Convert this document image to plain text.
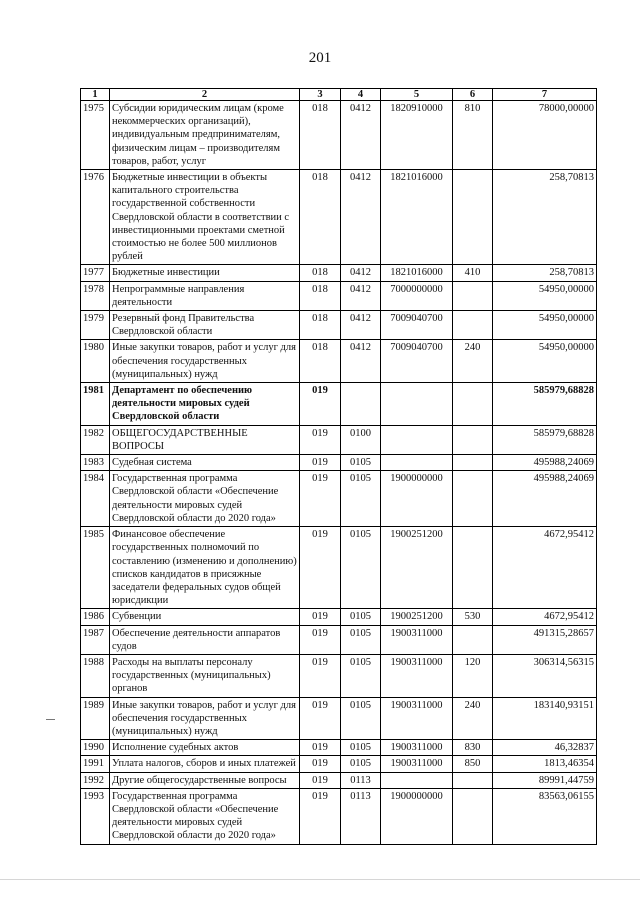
201
1	2	3	4	5	6	7
1975	Субсидии юридическим лицам (кроме некоммерческих организаций), индивидуальным предпринимателям, физическим лицам – производителям товаров, работ, услуг	018	0412	1820910000	810	78000,00000
1976	Бюджетные инвестиции в объекты капитального строительства государственной собственности Свердловской области в соответствии с инвестиционными проектами сметной стоимостью не более 500 миллионов рублей	018	0412	1821016000		258,70813
1977	Бюджетные инвестиции	018	0412	1821016000	410	258,70813
1978	Непрограммные направления деятельности	018	0412	7000000000		54950,00000
1979	Резервный фонд Правительства Свердловской области	018	0412	7009040700		54950,00000
1980	Иные закупки товаров, работ и услуг для обеспечения государственных (муниципальных) нужд	018	0412	7009040700	240	54950,00000
1981	Департамент по обеспечению деятельности мировых судей Свердловской области	019				585979,68828
1982	ОБЩЕГОСУДАРСТВЕННЫЕ ВОПРОСЫ	019	0100			585979,68828
1983	Судебная система	019	0105			495988,24069
1984	Государственная программа Свердловской области «Обеспечение деятельности мировых судей Свердловской области до 2020 года»	019	0105	1900000000		495988,24069
1985	Финансовое обеспечение государственных полномочий по составлению (изменению и дополнению) списков кандидатов в присяжные заседатели федеральных судов общей юрисдикции	019	0105	1900251200		4672,95412
1986	Субвенции	019	0105	1900251200	530	4672,95412
1987	Обеспечение деятельности аппаратов судов	019	0105	1900311000		491315,28657
1988	Расходы на выплаты персоналу государственных (муниципальных) органов	019	0105	1900311000	120	306314,56315
1989	Иные закупки товаров, работ и услуг для обеспечения государственных (муниципальных) нужд	019	0105	1900311000	240	183140,93151
1990	Исполнение судебных актов	019	0105	1900311000	830	46,32837
1991	Уплата налогов, сборов и иных платежей	019	0105	1900311000	850	1813,46354
1992	Другие общегосударственные вопросы	019	0113			89991,44759
1993	Государственная программа Свердловской области «Обеспечение деятельности мировых судей Свердловской области до 2020 года»	019	0113	1900000000		83563,06155
